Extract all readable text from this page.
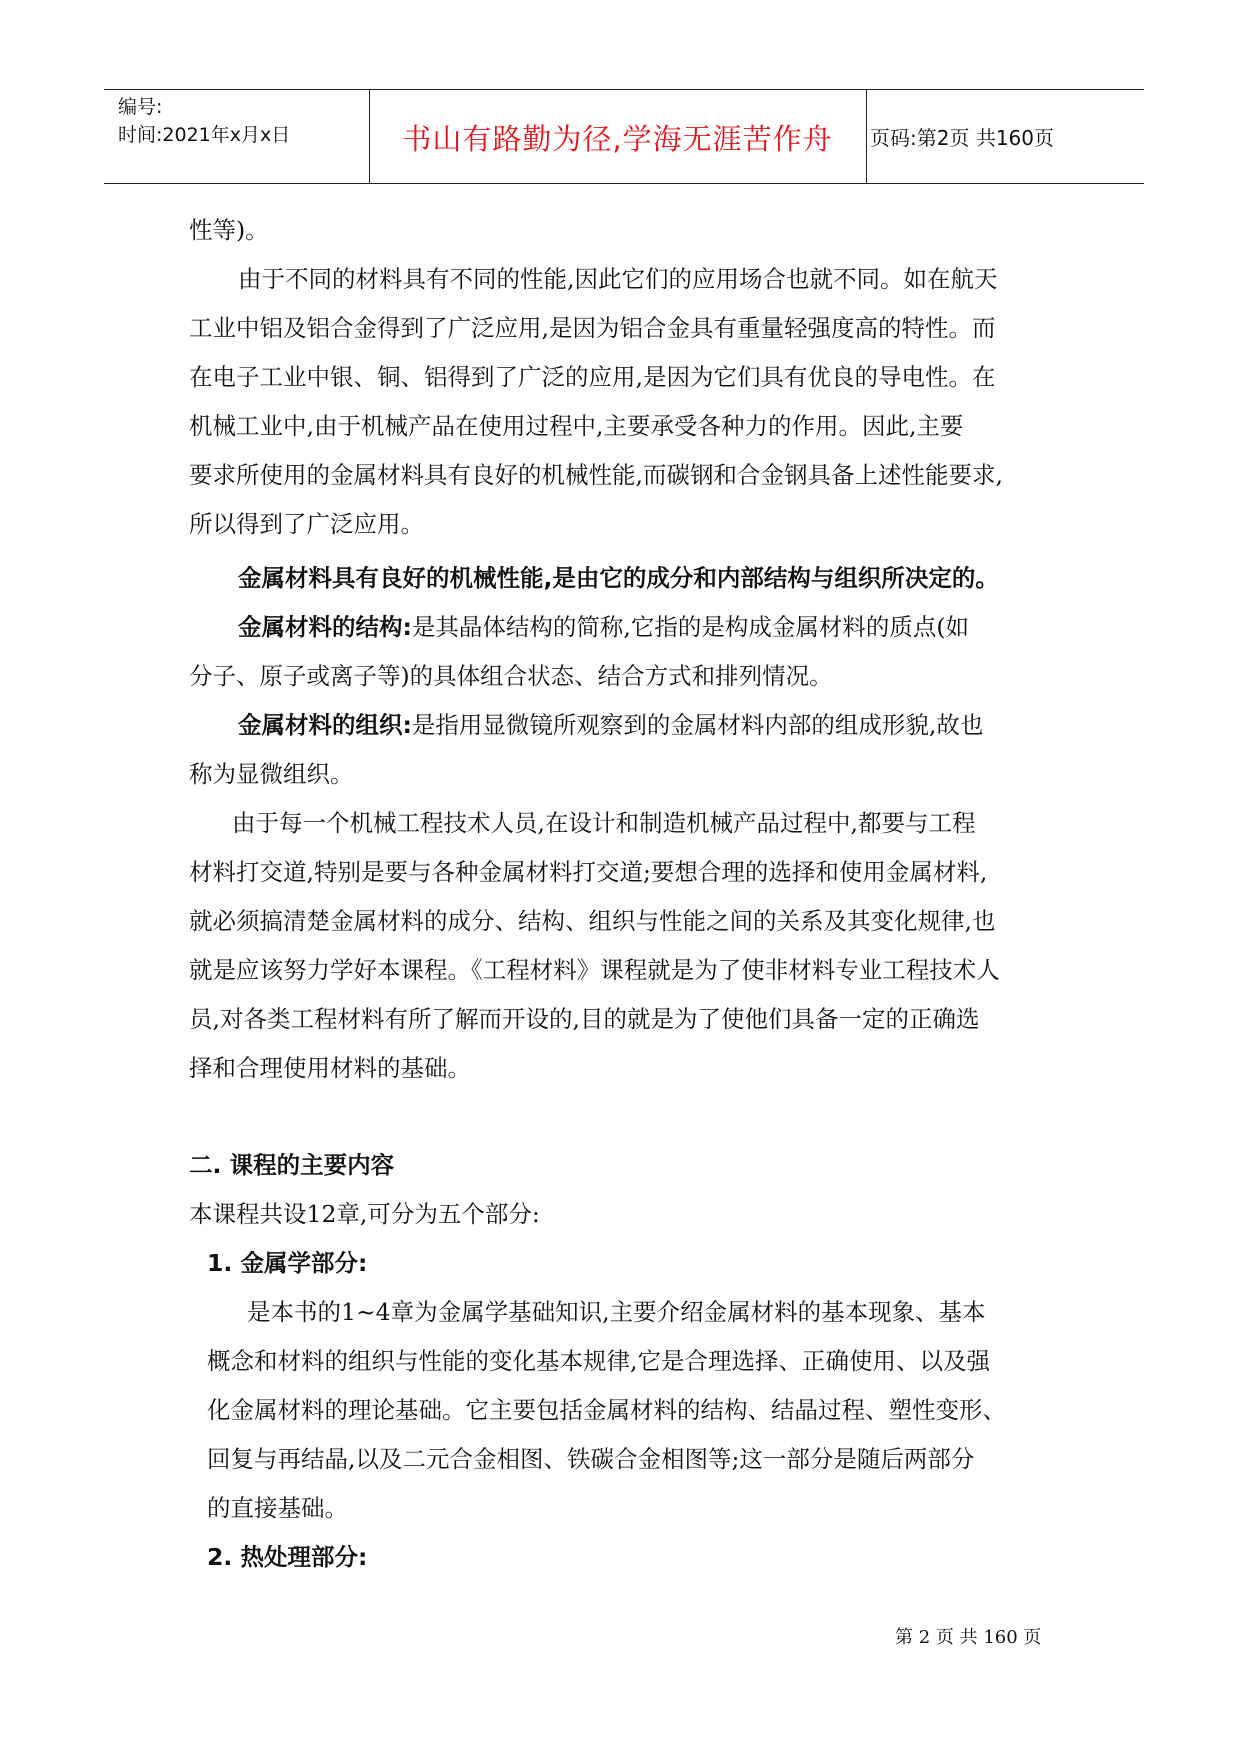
编号:
时间:2021年x月x日	书山有路勤为径,学海无涯苦作舟	页码:第2页 共160页
性等)。
由于不同的材料具有不同的性能,因此它们的应用场合也就不同。如在航天
工业中铝及铝合金得到了广泛应用,是因为铝合金具有重量轻强度高的特性。而
在电子工业中银、铜、铝得到了广泛的应用,是因为它们具有优良的导电性。在
机械工业中,由于机械产品在使用过程中,主要承受各种力的作用。因此,主要
要求所使用的金属材料具有良好的机械性能,而碳钢和合金钢具备上述性能要求,
所以得到了广泛应用。
金属材料具有良好的机械性能,是由它的成分和内部结构与组织所决定的。
金属材料的结构:是其晶体结构的简称,它指的是构成金属材料的质点(如
分子、原子或离子等)的具体组合状态、结合方式和排列情况。
金属材料的组织:是指用显微镜所观察到的金属材料内部的组成形貌,故也
称为显微组织。
由于每一个机械工程技术人员,在设计和制造机械产品过程中,都要与工程
材料打交道,特别是要与各种金属材料打交道;要想合理的选择和使用金属材料,
就必须搞清楚金属材料的成分、结构、组织与性能之间的关系及其变化规律,也
就是应该努力学好本课程。《工程材料》课程就是为了使非材料专业工程技术人
员,对各类工程材料有所了解而开设的,目的就是为了使他们具备一定的正确选
择和合理使用材料的基础。
二. 课程的主要内容
本课程共设12章,可分为五个部分:
1. 金属学部分:
是本书的1~4章为金属学基础知识,主要介绍金属材料的基本现象、基本
概念和材料的组织与性能的变化基本规律,它是合理选择、正确使用、以及强
化金属材料的理论基础。它主要包括金属材料的结构、结晶过程、塑性变形、
回复与再结晶,以及二元合金相图、铁碳合金相图等;这一部分是随后两部分
的直接基础。
2. 热处理部分:
第 2 页 共 160 页
